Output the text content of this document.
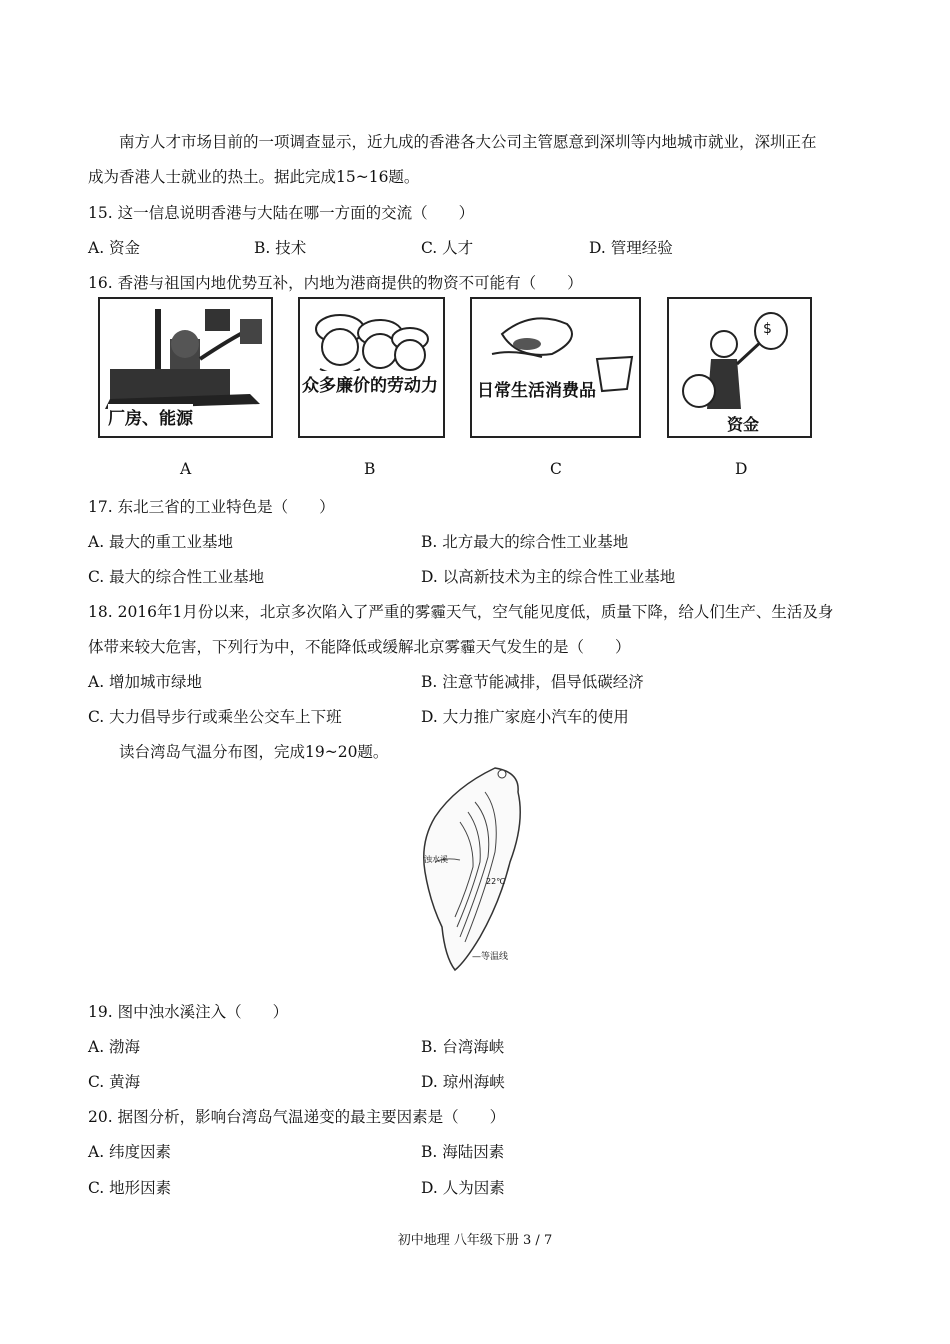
南方人才市场目前的一项调查显示，近九成的香港各大公司主管愿意到深圳等内地城市就业，深圳正在
成为香港人士就业的热土。据此完成15~16题。
15. 这一信息说明香港与大陆在哪一方面的交流（　　）
A. 资金	B. 技术	C. 人才	D. 管理经验
16. 香港与祖国内地优势互补，内地为港商提供的物资不可能有（　　）
厂房、能源
众多廉价的劳动力 日常生活消费品
$
资金
A	B	C	D
17. 东北三省的工业特色是（　　）
A. 最大的重工业基地	B. 北方最大的综合性工业基地
C. 最大的综合性工业基地	D. 以高新技术为主的综合性工业基地
18. 2016年1月份以来，北京多次陷入了严重的雾霾天气，空气能见度低，质量下降，给人们生产、生活及身
体带来较大危害，下列行为中，不能降低或缓解北京雾霾天气发生的是（　　）
A. 增加城市绿地	B. 注意节能减排，倡导低碳经济
C. 大力倡导步行或乘坐公交车上下班	D. 大力推广家庭小汽车的使用
读台湾岛气温分布图，完成19~20题。
浊水溪
22℃
—等温线
19. 图中浊水溪注入（　　）
A. 渤海	B. 台湾海峡
C. 黄海	D. 琼州海峡
20. 据图分析，影响台湾岛气温递变的最主要因素是（　　）
A. 纬度因素	B. 海陆因素
C. 地形因素	D. 人为因素
初中地理 八年级下册 3 / 7
